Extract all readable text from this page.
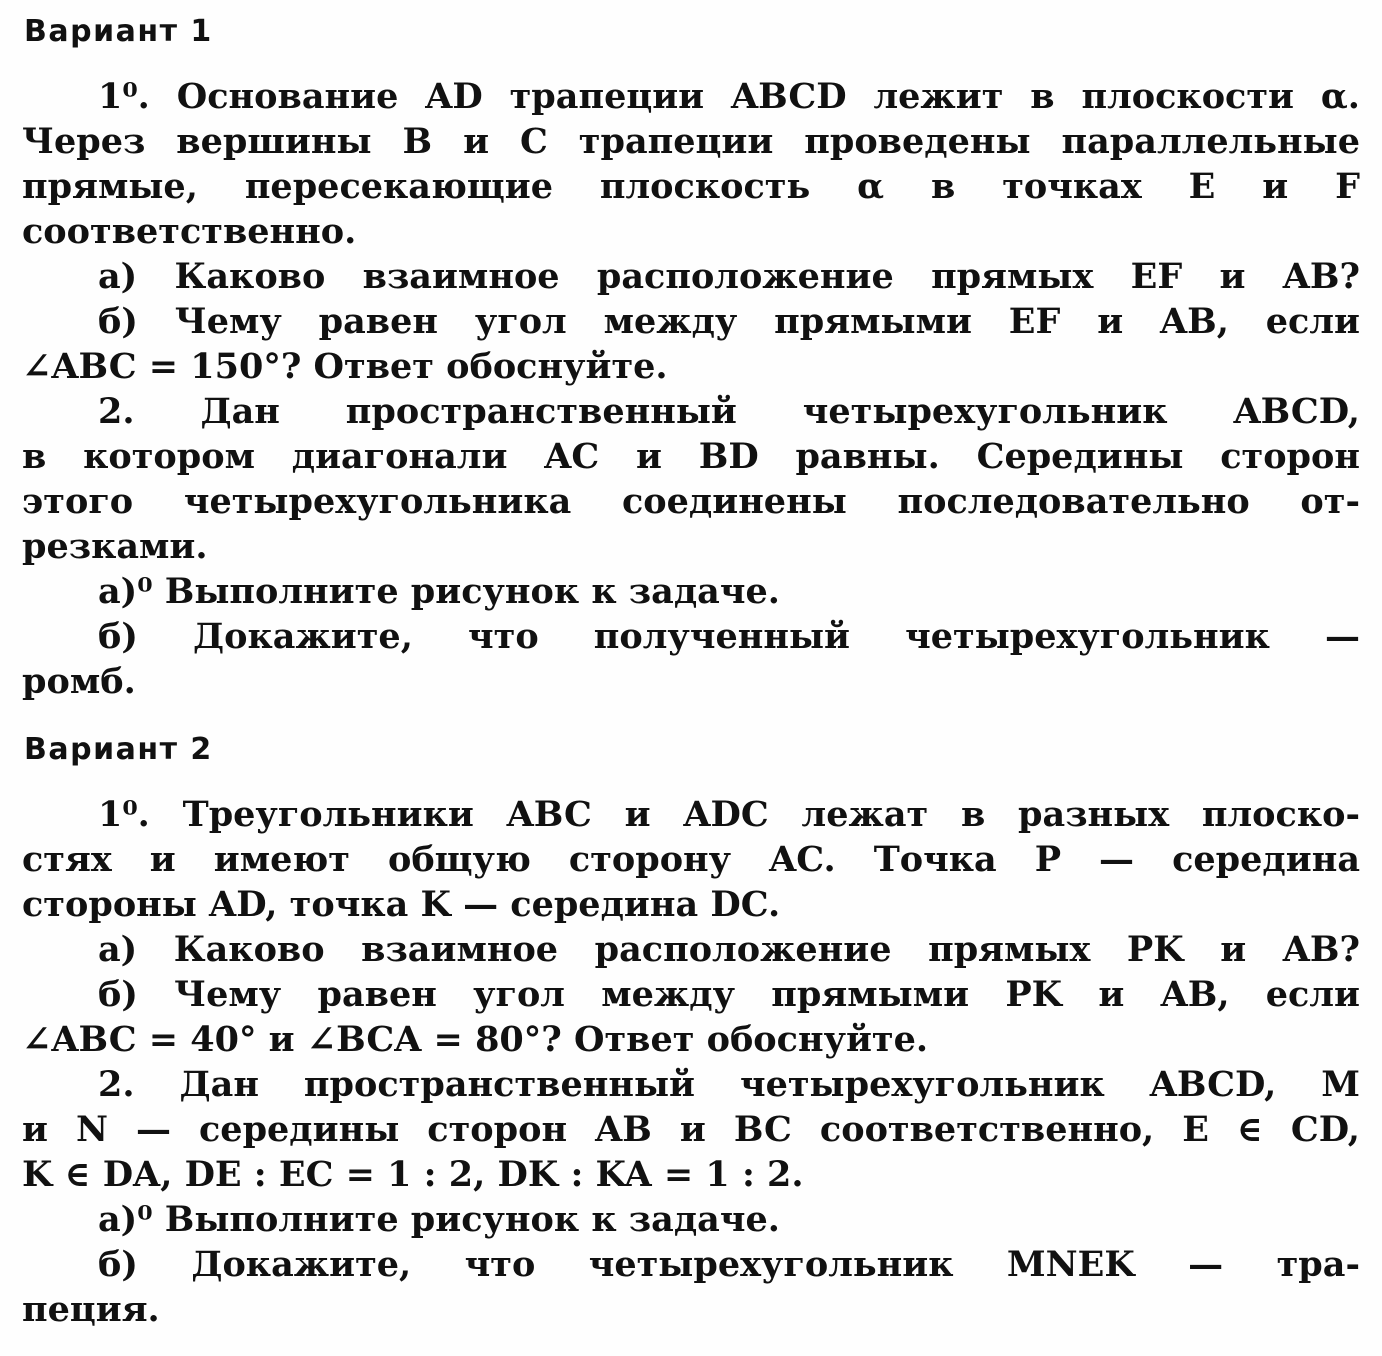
Вариант 1
1⁰. Основание AD трапеции ABCD лежит в плоскости α.
Через вершины B и C трапеции проведены параллельные
прямые, пересекающие плоскость α в точках E и F
соответственно.
а) Каково взаимное расположение прямых EF и AB?
б) Чему равен угол между прямыми EF и AB, если
∠ABC = 150°? Ответ обоснуйте.
2. Дан пространственный четырехугольник ABCD,
в котором диагонали AC и BD равны. Середины сторон
этого четырехугольника соединены последовательно от-
резками.
а)⁰ Выполните рисунок к задаче.
б) Докажите, что полученный четырехугольник —
ромб.
Вариант 2
1⁰. Треугольники ABC и ADC лежат в разных плоско-
стях и имеют общую сторону AC. Точка P — середина
стороны AD, точка K — середина DC.
а) Каково взаимное расположение прямых PK и AB?
б) Чему равен угол между прямыми PK и AB, если
∠ABC = 40° и ∠BCA = 80°? Ответ обоснуйте.
2. Дан пространственный четырехугольник ABCD, M
и N — середины сторон AB и BC соответственно, E ∈ CD,
K ∈ DA, DE : EC = 1 : 2, DK : KA = 1 : 2.
а)⁰ Выполните рисунок к задаче.
б) Докажите, что четырехугольник MNEK — тра-
пеция.
